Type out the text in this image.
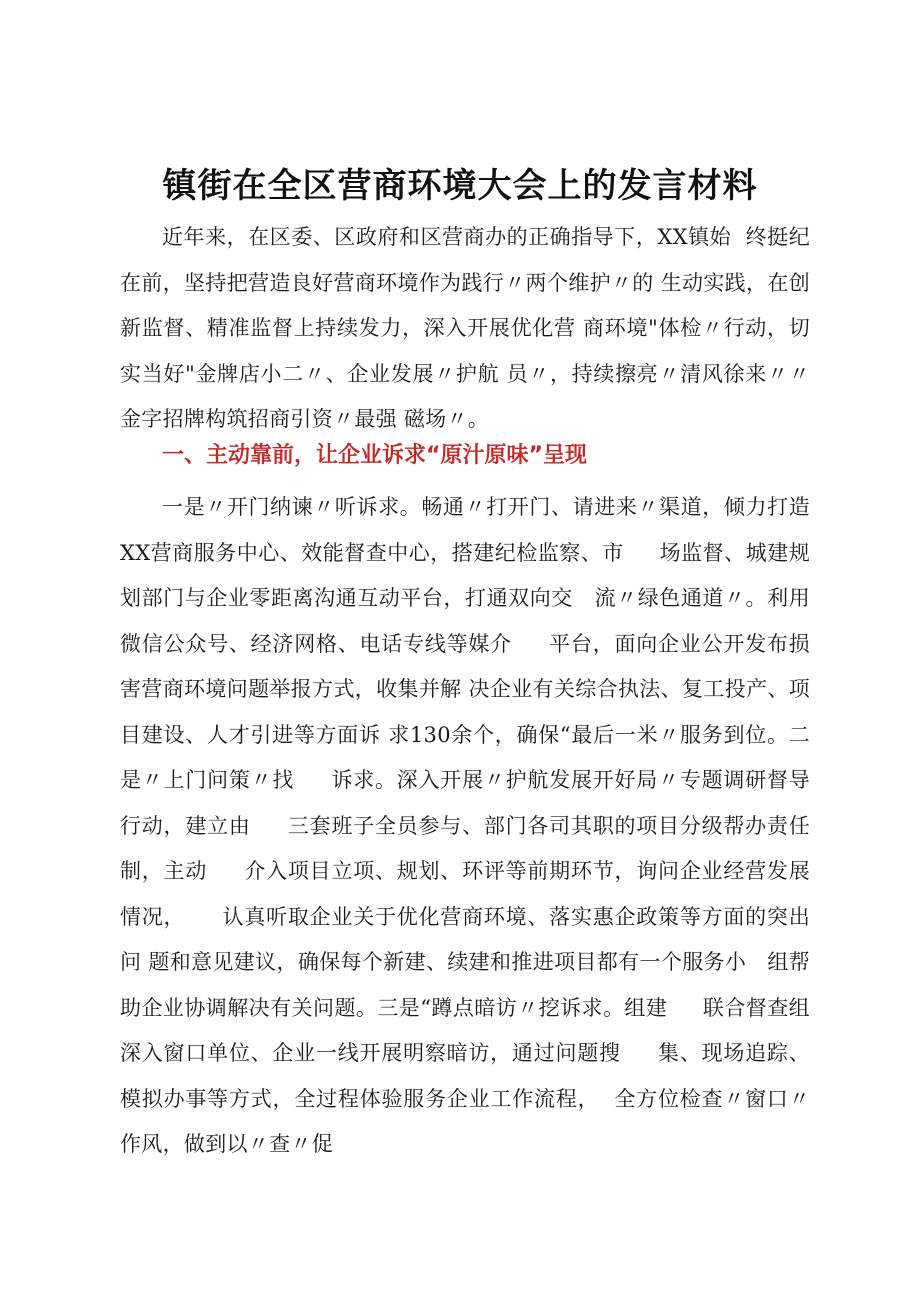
镇街在全区营商环境大会上的发言材料
近年来，在区委、区政府和区营商办的正确指导下，XX镇始  终挺纪在前，坚持把营造良好营商环境作为践行〃两个维护〃的 生动实践，在创新监督、精准监督上持续发力，深入开展优化营 商环境"体检〃行动，切实当好"金牌店小二〃、企业发展〃护航 员〃，持续擦亮〃清风徐来〃〃金字招牌构筑招商引资〃最强 磁场〃。
一、主动靠前，让企业诉求“原汁原味”呈现
一是〃开门纳谏〃听诉求。畅通〃打开门、请进来〃渠道，倾力打造XX营商服务中心、效能督查中心，搭建纪检监察、市     场监督、城建规划部门与企业零距离沟通互动平台，打通双向交   流〃绿色通道〃。利用微信公众号、经济网格、电话专线等媒介     平台，面向企业公开发布损害营商环境问题举报方式，收集并解 决企业有关综合执法、复工投产、项目建设、人才引进等方面诉 求130余个，确保“最后一米〃服务到位。二是〃上门问策〃找     诉求。深入开展〃护航发展开好局〃专题调研督导行动，建立由     三套班子全员参与、部门各司其职的项目分级帮办责任制，主动     介入项目立项、规划、环评等前期环节，询问企业经营发展情况，     认真听取企业关于优化营商环境、落实惠企政策等方面的突出问 题和意见建议，确保每个新建、续建和推进项目都有一个服务小   组帮助企业协调解决有关问题。三是“蹲点暗访〃挖诉求。组建     联合督查组深入窗口单位、企业一线开展明察暗访，通过问题搜     集、现场追踪、模拟办事等方式，全过程体验服务企业工作流程，  全方位检查〃窗口〃作风，做到以〃查〃促
